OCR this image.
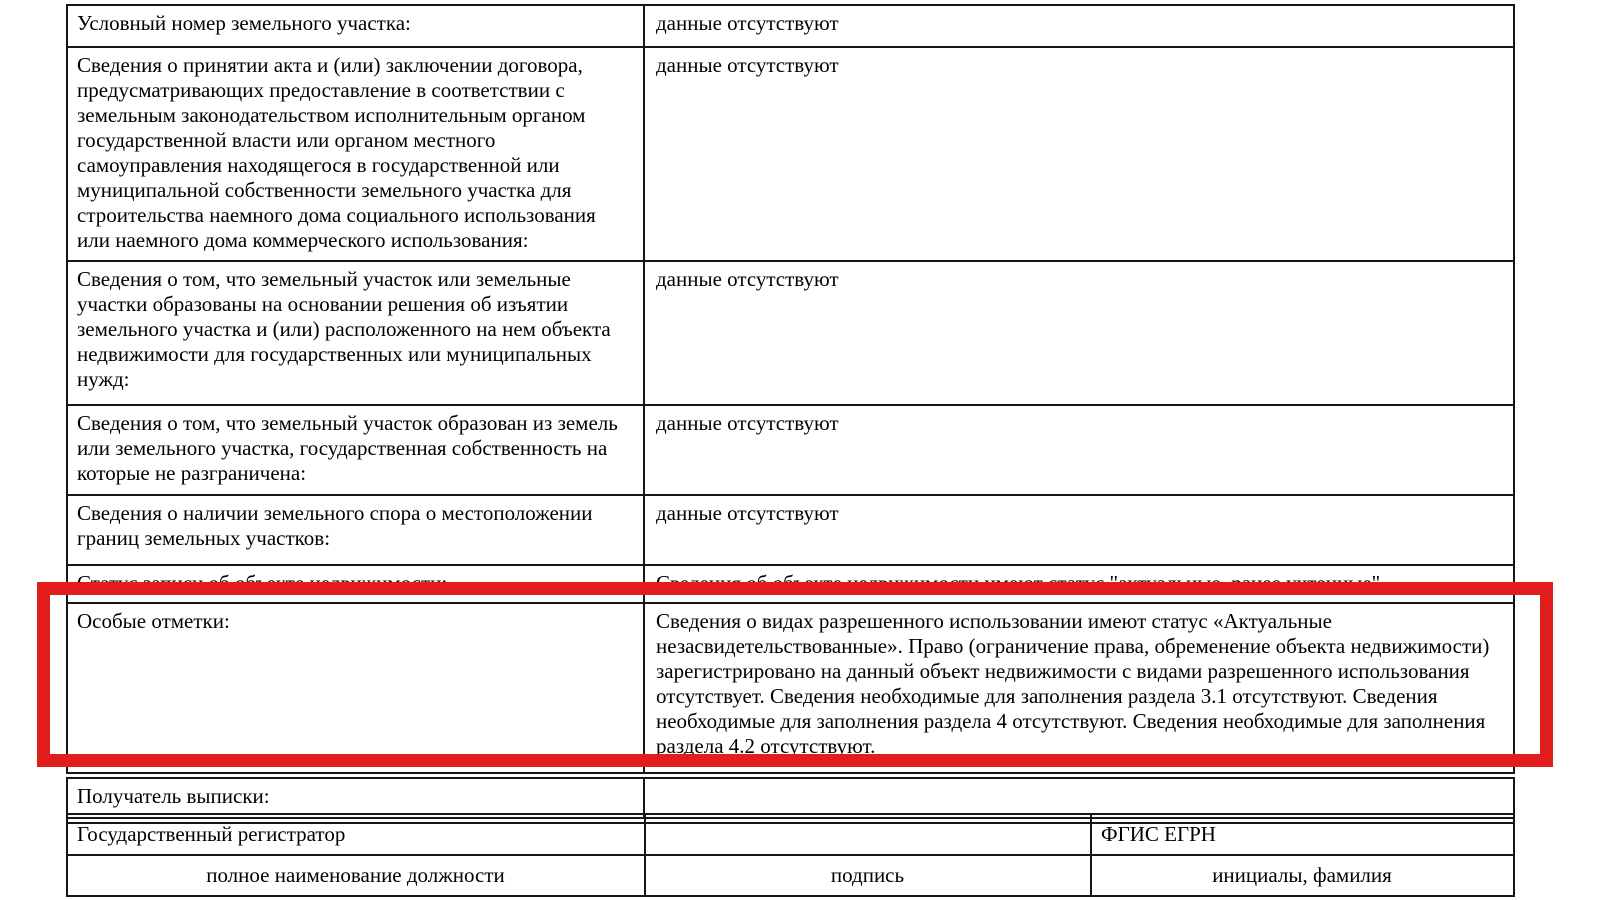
Условный номер земельного участка:	данные отсутствуют
Сведения о принятии акта и (или) заключении договора, предусматривающих предоставление в соответствии с земельным законодательством исполнительным органом государственной власти или органом местного самоуправления находящегося в государственной или муниципальной собственности земельного участка для строительства наемного дома социального использования или наемного дома коммерческого использования:	данные отсутствуют
Сведения о том, что земельный участок или земельные участки образованы на основании решения об изъятии земельного участка и (или) расположенного на нем объекта недвижимости для государственных или муниципальных нужд:	данные отсутствуют
Сведения о том, что земельный участок образован из земель или земельного участка, государственная собственность на которые не разграничена:	данные отсутствуют
Сведения о наличии земельного спора о местоположении границ земельных участков:	данные отсутствуют
Статус записи об объекте недвижимости:	Сведения об объекте недвижимости имеют статус "актуальные, ранее учтенные"
Особые отметки:	Сведения о видах разрешенного использовании имеют статус «Актуальные незасвидетельствованные». Право (ограничение права, обременение объекта недвижимости) зарегистрировано на данный объект недвижимости с видами разрешенного использования отсутствует. Сведения необходимые для заполнения раздела 3.1 отсутствуют. Сведения необходимые для заполнения раздела 4 отсутствуют. Сведения необходимые для заполнения раздела 4.2 отсутствуют.
Получатель выписки:	
Государственный регистратор		ФГИС ЕГРН
полное наименование должности	подпись	инициалы, фамилия
